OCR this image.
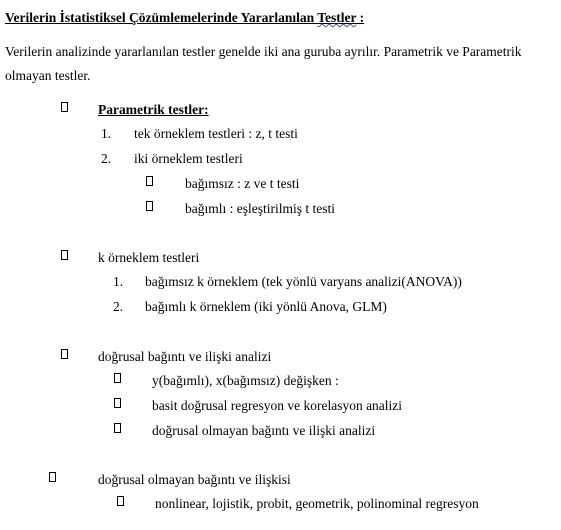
Verilerin İstatistiksel Çözümlemelerinde Yararlanılan Testler :
Verilerin analizinde yararlanılan testler genelde iki ana guruba ayrılır. Parametrik ve Parametrik
olmayan testler.
Parametrik testler:
1. tek örneklem testleri : z, t testi
2. iki örneklem testleri
bağımsız : z ve t testi
bağımlı : eşleştirilmiş t testi
k örneklem testleri
1. bağımsız k örneklem (tek yönlü varyans analizi(ANOVA))
2. bağımlı k örneklem (iki yönlü Anova, GLM)
doğrusal bağıntı ve ilişki analizi
y(bağımlı), x(bağımsız) değişken :
basit doğrusal regresyon ve korelasyon analizi
doğrusal olmayan bağıntı ve ilişki analizi
doğrusal olmayan bağıntı ve ilişkisi
nonlinear, lojistik, probit, geometrik, polinominal regresyon
